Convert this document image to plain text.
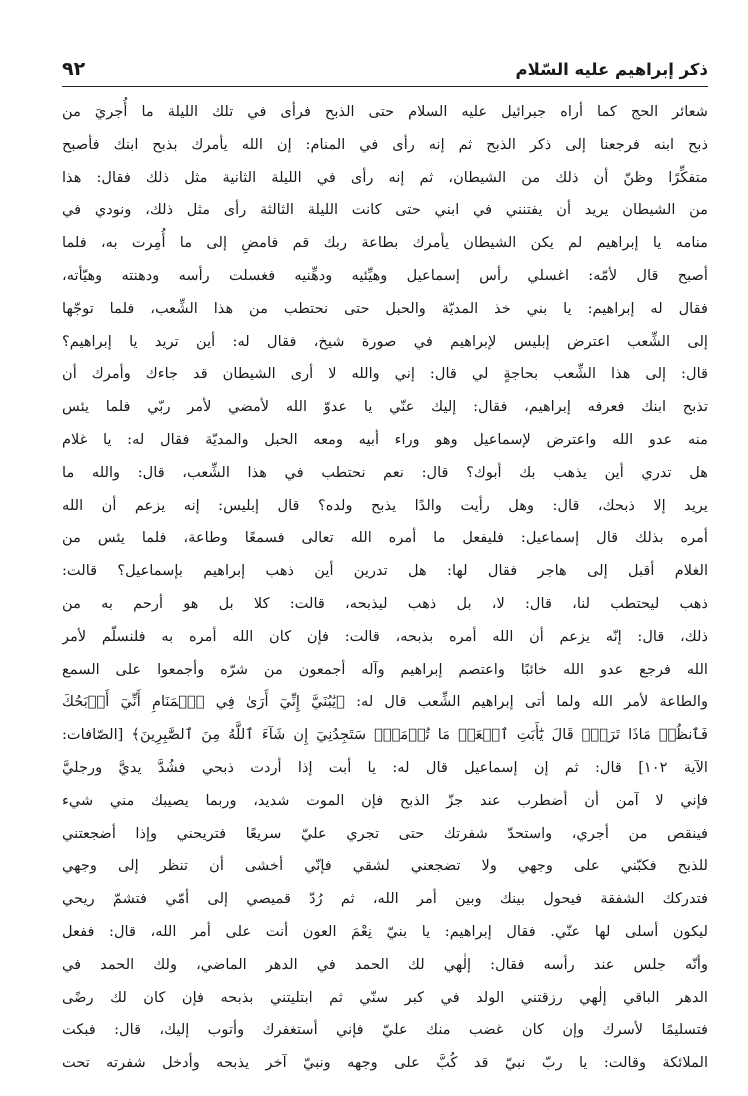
ذكر إبراهيم عليه السّلام
٩٢
شعائر الحج كما أراه جبرائيل عليه السلام حتى الذبح فرأى في تلك الليلة ما أُجريَ من
ذبح ابنه فرجعنا إلى ذكر الذبح ثم إنه رأى في المنام: إن الله يأمرك بذبح ابنك فأصبح
متفكِّرًا وظنّ أن ذلك من الشيطان، ثم إنه رأى في الليلة الثانية مثل ذلك فقال: هذا
من الشيطان يريد أن يفتنني في ابني حتى كانت الليلة الثالثة رأى مثل ذلك، ونودي في
منامه يا إبراهيم لم يكن الشيطان يأمرك بطاعة ربك قم فامضِ إلى ما أُمِرت به، فلما
أصبح قال لأمّه: اغسلي رأس إسماعيل وهيِّئيه ودهِّنيه فغسلت رأسه ودهنته وهيّأته،
فقال له إبراهيم: يا بني خذ المديّة والحبل حتى نحتطب من هذا الشِّعب، فلما توجّها
إلى الشِّعب اعترض إبليس لإبراهيم في صورة شيخ، فقال له: أين تريد يا إبراهيم؟
قال: إلى هذا الشِّعب بحاجةٍ لي قال: إني والله لا أرى الشيطان قد جاءك وأمرك أن
تذبح ابنك فعرفه إبراهيم، فقال: إليك عنّي يا عدوّ الله لأمضي لأمر ربّي فلما يئس
منه عدو الله واعترض لإسماعيل وهو وراء أبيه ومعه الحبل والمديّة فقال له: يا غلام
هل تدري أين يذهب بك أبوك؟ قال: نعم نحتطب في هذا الشِّعب، قال: والله ما
يريد إلا ذبحك، قال: وهل رأيت والدًا يذبح ولده؟ قال إبليس: إنه يزعم أن الله
أمره بذلك قال إسماعيل: فليفعل ما أمره الله تعالى فسمعًا وطاعة، فلما يئس من
الغلام أقبل إلى هاجر فقال لها: هل تدرين أين ذهب إبراهيم بإسماعيل؟ قالت:
ذهب ليحتطب لنا، قال: لا، بل ذهب ليذبحه، قالت: كلا بل هو أرحم به من
ذلك، قال: إنّه يزعم أن الله أمره بذبحه، قالت: فإن كان الله أمره به فلنسلّم لأمر
الله فرجع عدو الله خائبًا واعتصم إبراهيم وآله أجمعون من شرّه وأجمعوا على السمع
والطاعة لأمر الله ولما أتى إبراهيم الشِّعب قال له: ﴿يَٰبُنَيَّ إِنِّيٓ أَرَىٰ فِي ٱلۡمَنَامِ أَنِّيٓ أَذۡبَحُكَ
فَٱنظُرۡ مَاذَا تَرَىٰۚ قَالَ يَٰٓأَبَتِ ٱفۡعَلۡ مَا تُؤۡمَرُۖ سَتَجِدُنِيٓ إِن شَآءَ ٱللَّهُ مِنَ ٱلصَّٰبِرِينَ﴾ [الصّافات:
الآية ١٠٢] قال: ثم إن إسماعيل قال له: يا أبت إذا أردت ذبحي فشُدَّ يديَّ ورجليَّ
فإني لا آمن أن أضطرب عند جزّ الذبح فإن الموت شديد، وربما يصيبك مني شيء
فينقص من أجري، واستحدّ شفرتك حتى تجري عليّ سريعًا فتريحني وإذا أضجعتني
للذبح فكبّني على وجهي ولا تضجعني لشقي فإنّي أخشى أن تنظر إلى وجهي
فتدركك الشفقة فيحول بينك وبين أمر الله، ثم رُدّ قميصي إلى أمّي فتشمّ ريحي
ليكون أسلى لها عنّي. فقال إبراهيم: يا بنيّ نِعْمَ العون أنت على أمر الله، قال: ففعل
وأنّه جلس عند رأسه فقال: إلٰهي لك الحمد في الدهر الماضي، ولك الحمد في
الدهر الباقي إلٰهي رزقتني الولد في كبر سنّي ثم ابتليتني بذبحه فإن كان لك رضًى
فتسليمًا لأسرك وإن كان غضب منك عليّ فإني أستغفرك وأتوب إليك، قال: فبكت
الملائكة وقالت: يا ربّ نبيّ قد كُبَّ على وجهه ونبيّ آخر يذبحه وأدخل شفرته تحت
